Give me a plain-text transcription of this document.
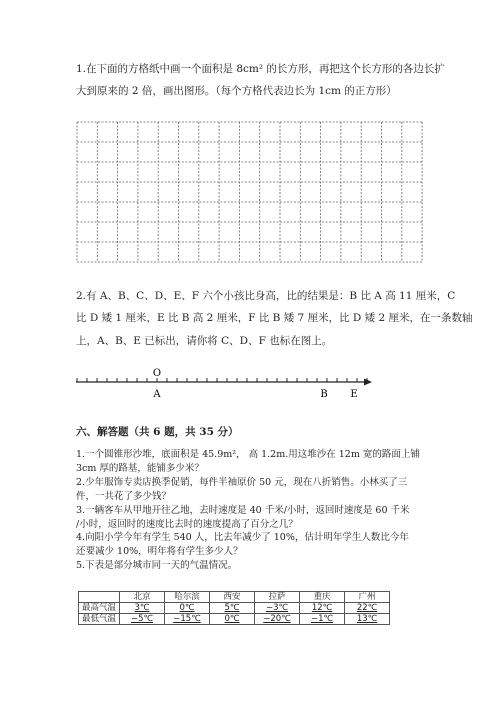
1.在下面的方格纸中画一个面积是 8cm² 的长方形，再把这个长方形的各边长扩
大到原来的 2 倍，画出图形。（每个方格代表边长为 1cm 的正方形）
2.有 A、B、C、D、E、F 六个小孩比身高，比的结果是：B 比 A 高 11 厘米，C
比 D 矮 1 厘米，E 比 B 高 2 厘米，F 比 B 矮 7 厘米，比 D 矮 2 厘米，在一条数轴
上，A、B、E 已标出，请你将 C、D、F 也标在图上。
O
A	B E
六、解答题（共 6 题，共 35 分）
1.一个圆锥形沙堆，底面积是 45.9m²， 高 1.2m.用这堆沙在 12m 宽的路面上铺
3cm 厚的路基，能铺多少米？
2.少年服饰专卖店换季促销，每件半袖原价 50 元，现在八折销售。小林买了三
件，一共花了多少钱？
3.一辆客车从甲地开往乙地，去时速度是 40 千米/小时，返回时速度是 60 千米
/小时，返回时的速度比去时的速度提高了百分之几？
4.向阳小学今年有学生 540 人，比去年减少了 10%，估计明年学生人数比今年
还要减少 10%，明年将有学生多少人？
5.下表是部分城市同一天的气温情况。
	北京	哈尔滨	西安	拉萨	重庆	广州
最高气温	3℃	0℃	5℃	−3℃	12℃	22℃
最低气温	−5℃	−15℃	0℃	−20℃	−1℃	13℃
